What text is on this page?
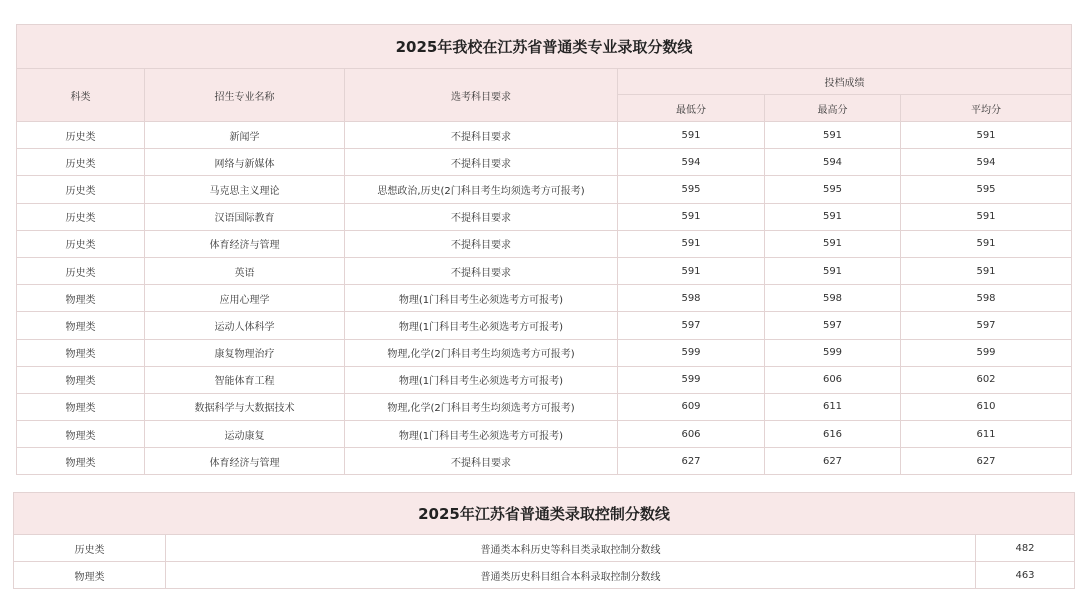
2025年我校在江苏省普通类专业录取分数线					
科类	招生专业名称	选考科目要求	投档成绩		
			最低分	最高分	平均分
历史类	新闻学	不提科目要求	591	591	591
历史类	网络与新媒体	不提科目要求	594	594	594
历史类	马克思主义理论	思想政治,历史(2门科目考生均须选考方可报考)	595	595	595
历史类	汉语国际教育	不提科目要求	591	591	591
历史类	体育经济与管理	不提科目要求	591	591	591
历史类	英语	不提科目要求	591	591	591
物理类	应用心理学	物理(1门科目考生必须选考方可报考)	598	598	598
物理类	运动人体科学	物理(1门科目考生必须选考方可报考)	597	597	597
物理类	康复物理治疗	物理,化学(2门科目考生均须选考方可报考)	599	599	599
物理类	智能体育工程	物理(1门科目考生必须选考方可报考)	599	606	602
物理类	数据科学与大数据技术	物理,化学(2门科目考生均须选考方可报考)	609	611	610
物理类	运动康复	物理(1门科目考生必须选考方可报考)	606	616	611
物理类	体育经济与管理	不提科目要求	627	627	627
2025年江苏省普通类录取控制分数线		
历史类	普通类本科历史等科目类录取控制分数线	482
物理类	普通类历史科目组合本科录取控制分数线	463
